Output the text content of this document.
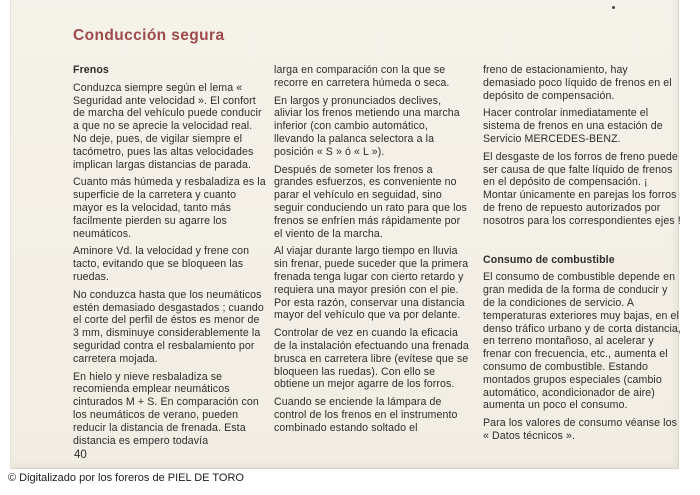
Conducción segura
Frenos
Conduzca siempre según el lema « Seguridad ante velocidad ». El confort de marcha del vehículo puede conducir a que no se aprecie la velocidad real. No deje, pues, de vigilar siempre el tacómetro, pues las altas velocidades implican largas distancias de parada.
Cuanto más húmeda y resbaladiza es la superficie de la carretera y cuanto mayor es la velocidad, tanto más facilmente pierden su agarre los neumáticos.
Aminore Vd. la velocidad y frene con tacto, evitando que se bloqueen las ruedas.
No conduzca hasta que los neumáticos estén demasiado desgastados ; cuando el corte del perfil de éstos es menor de 3 mm, disminuye considerablemente la seguridad contra el resbalamiento por carretera mojada.
En hielo y nieve resbaladiza se recomienda emplear neumáticos cinturados M + S. En comparación con los neumáticos de verano, pueden reducir la distancia de frenada. Esta distancia es empero todavía
larga en comparación con la que se recorre en carretera húmeda o seca.
En largos y pronunciados declives, aliviar los frenos metiendo una marcha inferior (con cambio automático, llevando la palanca selectora a la posición « S » ó « L »).
Después de someter los frenos a grandes esfuerzos, es conveniente no parar el vehículo en seguidad, sino seguir conduciendo un rato para que los frenos se enfríen más rápidamente por el viento de la marcha.
Al viajar durante largo tiempo en lluvia sin frenar, puede suceder que la primera frenada tenga lugar con cierto retardo y requiera una mayor presión con el pie. Por esta razón, conservar una distancia mayor del vehículo que va por delante.
Controlar de vez en cuando la eficacia de la instalación efectuando una frenada brusca en carretera libre (evítese que se bloqueen las ruedas). Con ello se obtiene un mejor agarre de los forros.
Cuando se enciende la lámpara de control de los frenos en el instrumento combinado estando soltado el
freno de estacionamiento, hay demasiado poco líquido de frenos en el depósito de compensación.
Hacer controlar inmediatamente el sistema de frenos en una estación de Servicio MERCEDES-BENZ.
El desgaste de los forros de freno puede ser causa de que falte líquido de frenos en el depósito de compensación. ¡ Montar únicamente en parejas los forros de freno de repuesto autorizados por nosotros para los correspondientes ejes !
Consumo de combustible
El consumo de combustible depende en gran medida de la forma de conducir y de la condiciones de servicio. A temperaturas exteriores muy bajas, en el denso tráfico urbano y de corta distancia, en terreno montañoso, al acelerar y frenar con frecuencia, etc., aumenta el consumo de combustible. Estando montados grupos especiales (cambio automático, acondicionador de aire) aumenta un poco el consumo.
Para los valores de consumo véanse los « Datos técnicos ».
40
© Digitalizado por los foreros de PIEL DE TORO
